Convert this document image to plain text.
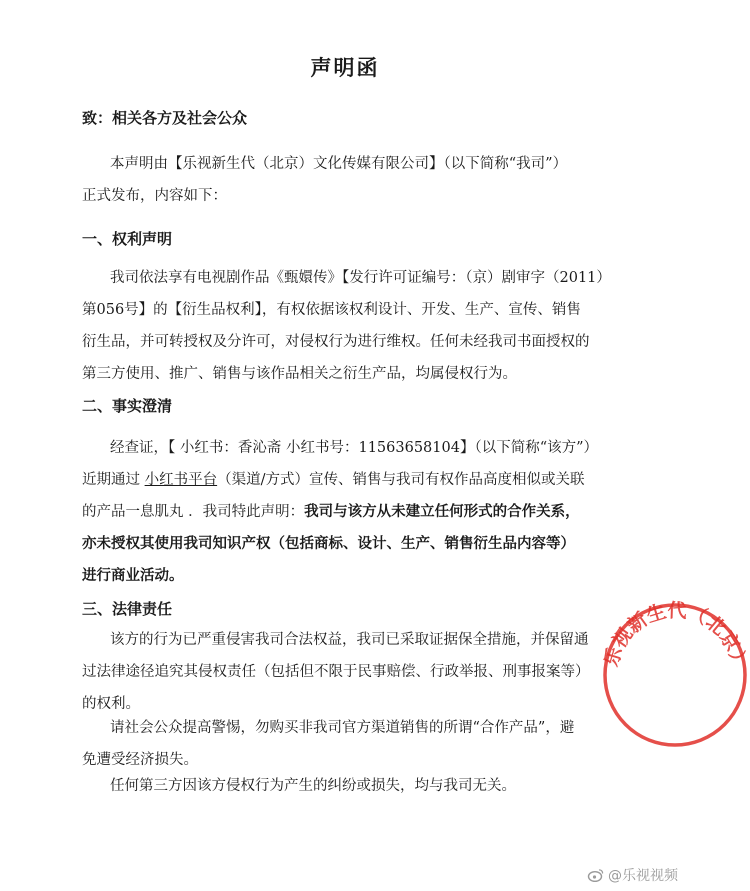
声明函
致：相关各方及社会公众

本声明由【乐视新生代（北京）文化传媒有限公司】（以下简称“我司”）
正式发布，内容如下：

一、权利声明

我司依法享有电视剧作品《甄嬛传》【发行许可证编号：（京）剧审字（2011）
第056号】的【衍生品权利】，有权依据该权利设计、开发、生产、宣传、销售
衍生品，并可转授权及分许可，对侵权行为进行维权。任何未经我司书面授权的
第三方使用、推广、销售与该作品相关之衍生产品，均属侵权行为。

二、事实澄清

经查证，【 小红书：香沁斋 小红书号：11563658104】（以下简称“该方”）
近期通过 小红书平台（渠道/方式）宣传、销售与我司有权作品高度相似或关联
的产品一息肌丸 ．我司特此声明：我司与该方从未建立任何形式的合作关系，
亦未授权其使用我司知识产权（包括商标、设计、生产、销售衍生品内容等）
进行商业活动。

三、法律责任

该方的行为已严重侵害我司合法权益，我司已采取证据保全措施，并保留通
过法律途径追究其侵权责任（包括但不限于民事赔偿、行政举报、刑事报案等）
的权利。

请社会公众提高警惕，勿购买非我司官方渠道销售的所谓“合作产品”，避
免遭受经济损失。

任何第三方因该方侵权行为产生的纠纷或损失，均与我司无关。

乐视新生代（北京）
@乐视视频
